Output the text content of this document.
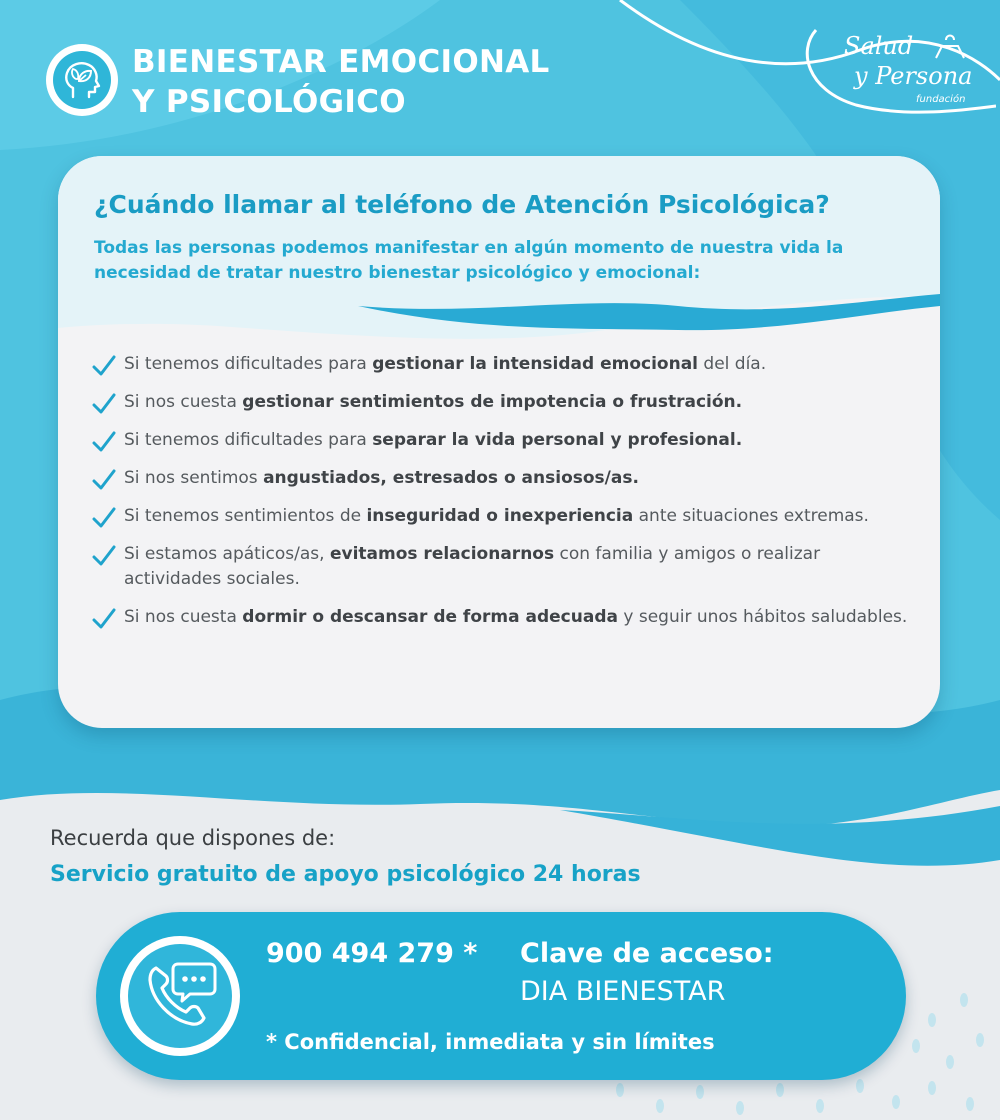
BIENESTAR EMOCIONAL
Y PSICOLÓGICO
Salud
y Persona
fundación
¿Cuándo llamar al teléfono de Atención Psicológica?
Todas las personas podemos manifestar en algún momento de nuestra vida la necesidad de tratar nuestro bienestar psicológico y emocional:
Si tenemos dificultades para gestionar la intensidad emocional del día.
Si nos cuesta gestionar sentimientos de impotencia o frustración.
Si tenemos dificultades para separar la vida personal y profesional.
Si nos sentimos angustiados, estresados o ansiosos/as.
Si tenemos sentimientos de inseguridad o inexperiencia ante situaciones extremas.
Si estamos apáticos/as, evitamos relacionarnos con familia y amigos o realizar actividades sociales.
Si nos cuesta dormir o descansar de forma adecuada y seguir unos hábitos saludables.
Recuerda que dispones de:
Servicio gratuito de apoyo psicológico 24 horas
900 494 279 * Clave de acceso:
DIA BIENESTAR
* Confidencial, inmediata y sin límites
